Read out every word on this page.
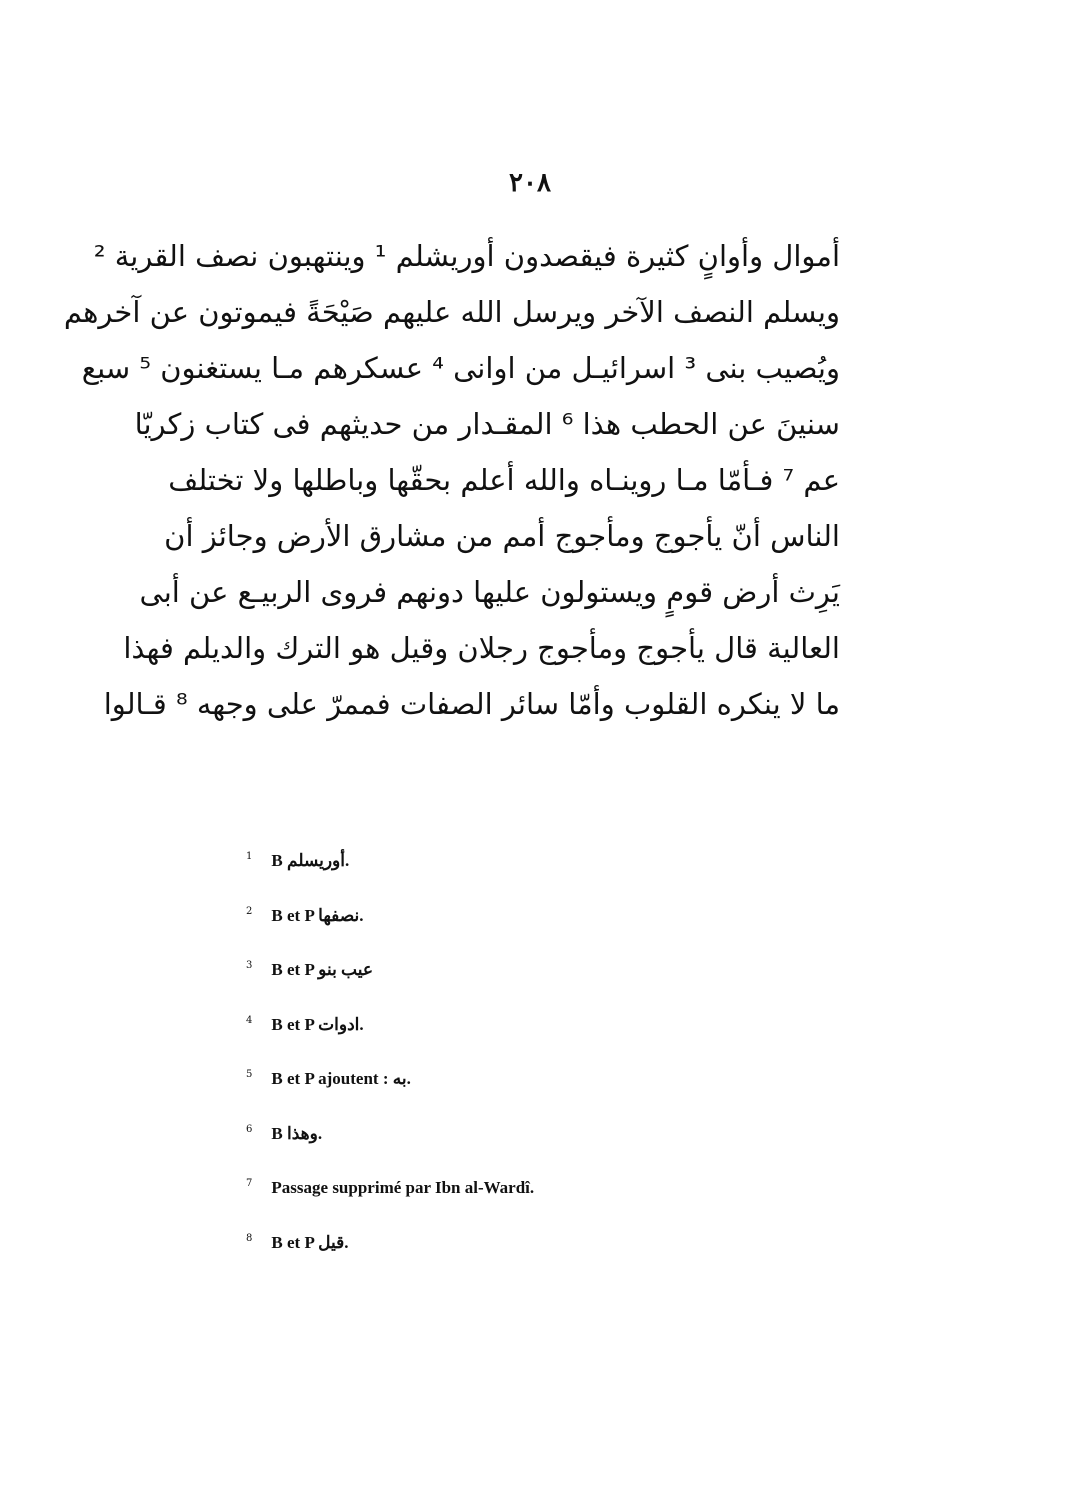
٢٠٨
أموال وأوانٍ كثيرة فيقصدون أوريشلم ¹ وينتهبون نصف القرية ²
ويسلم النصف الآخر ويرسل الله عليهم صَيْحَةً فيموتون عن آخرهم
ويُصيب بنى ³ اسرائيـل من اوانى ⁴ عسكرهم مـا يستغنون ⁵ سبع
سنينَ عن الحطب هذا ⁶ المقـدار من حديثهم فى كتاب زكريّا
عم ⁷ فـأمّا مـا روينـاه والله أعلم بحقّها وباطلها ولا تختلف
الناس أنّ يأجوج ومأجوج أمم من مشارق الأرض وجائز أن
يَرِث أرض قومٍ ويستولون عليها دونهم فروى الربيـع عن أبى
العالية قال يأجوج ومأجوج رجلان وقيل هو الترك والديلم فهذا
ما لا ينكره القلوب وأمّا سائر الصفات فممرّ على وجهه ⁸ قـالوا
1 B أوريسلم.
2 B et P نصفها.
3 B et P عيب بنو
4 B et P ادوات.
5 B et P ajoutent : به.
6 B وهذا.
7 Passage supprimé par Ibn al-Wardî.
8 B et P قيل.
